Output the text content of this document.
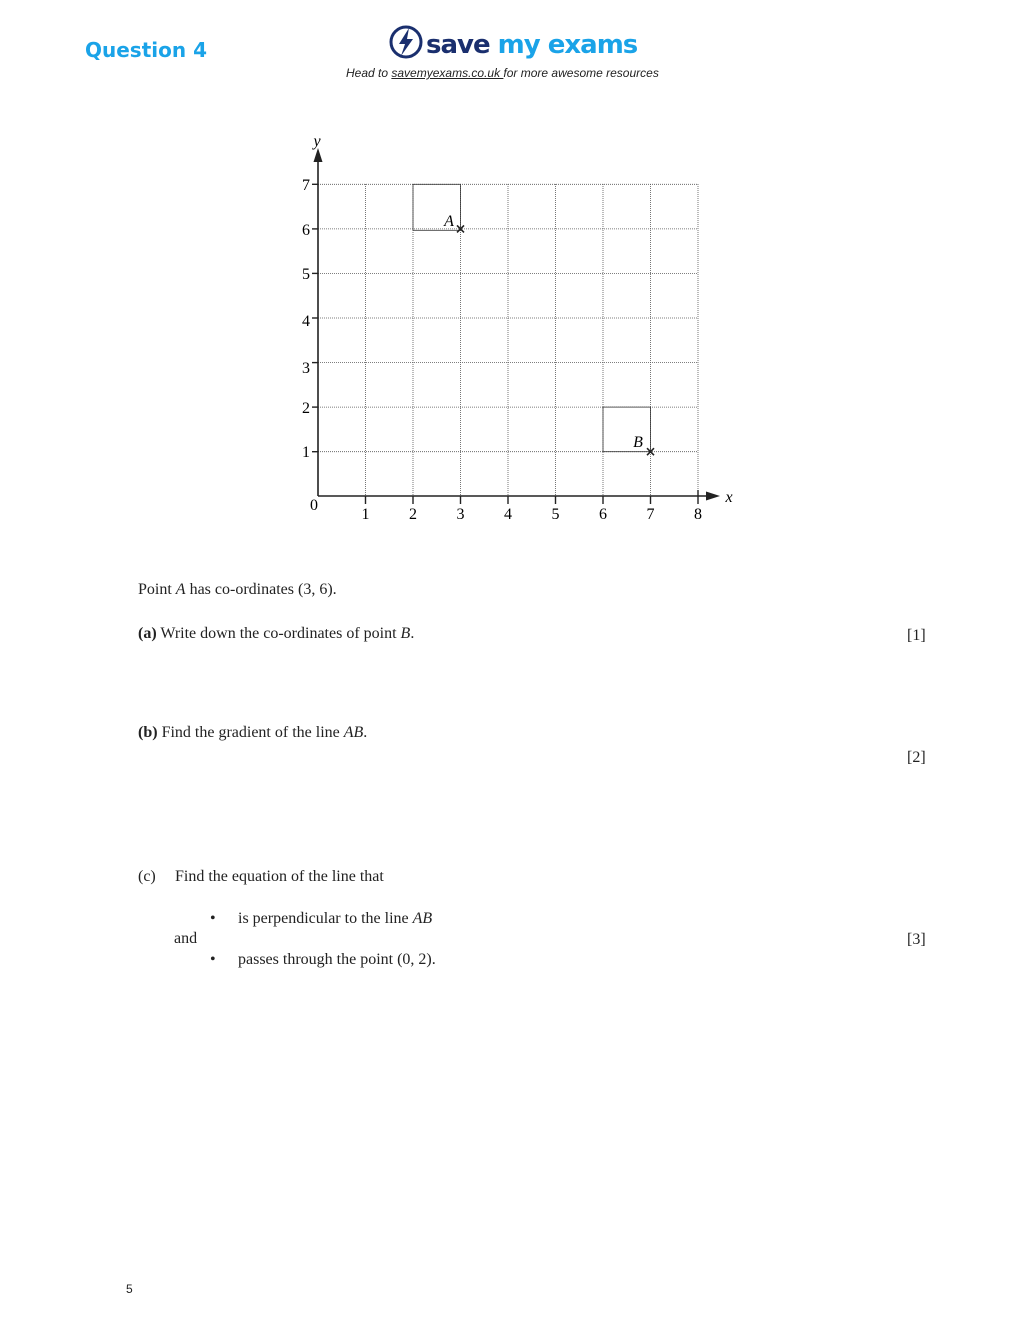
Question 4	save my exams
Head to savemyexams.co.uk for more awesome resources
y
x
0
1 2 3 4 5 6 7 8
1
2
3
4
5
6
7
A
B
Point A has co-ordinates (3, 6).
(a) Write down the co-ordinates of point B.	[1]
(b) Find the gradient of the line AB.
[2]
(c) Find the equation of the line that
• is perpendicular to the line AB
and	[3]
• passes through the point (0, 2).
5
